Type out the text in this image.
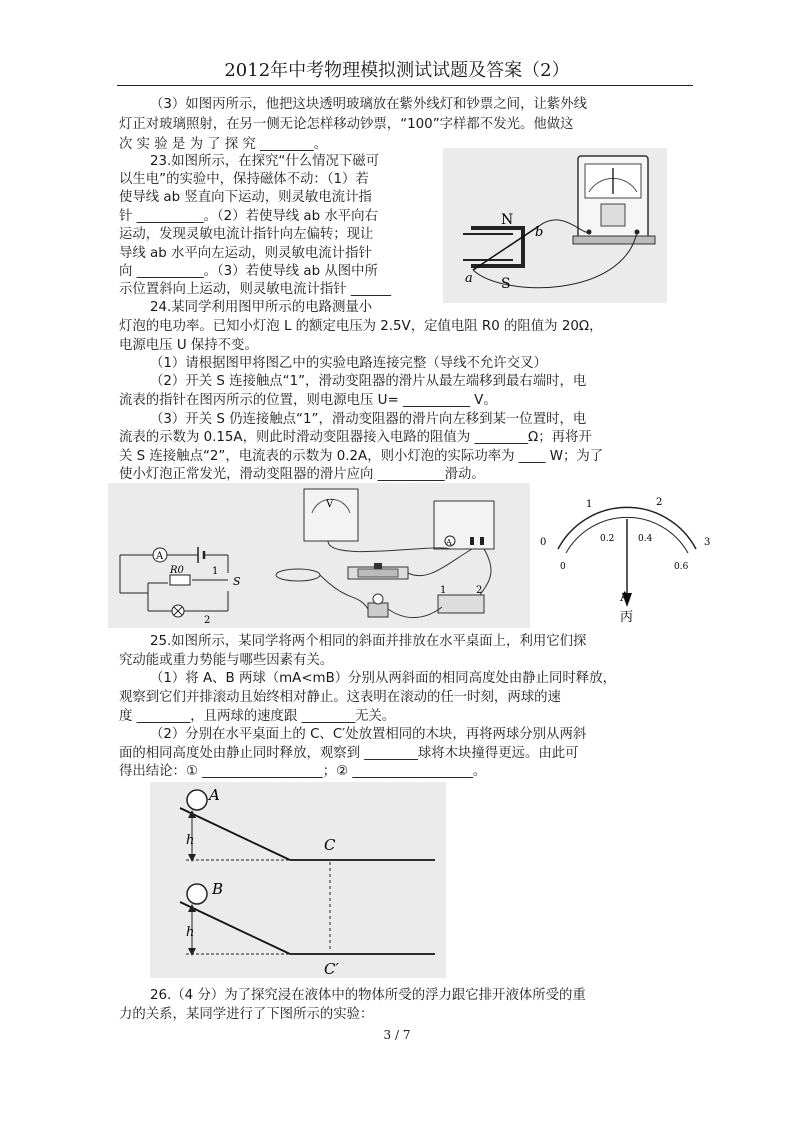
2012年中考物理模拟测试试题及答案（2）
（3）如图丙所示，他把这块透明玻璃放在紫外线灯和钞票之间，让紫外线
灯正对玻璃照射，在另一侧无论怎样移动钞票，“100”字样都不发光。他做这
次 实 验 是 为 了 探 究 ________。
23.如图所示，在探究“什么情况下磁可
以生电”的实验中，保持磁体不动：（1）若
使导线 ab 竖直向下运动，则灵敏电流计指
针 __________。（2）若使导线 ab 水平向右
运动，发现灵敏电流计指针向左偏转；现让
导线 ab 水平向左运动，则灵敏电流计指针
向 __________。（3）若使导线 ab 从图中所
示位置斜向上运动，则灵敏电流计指针 ______
24.某同学利用图甲所示的电路测量小
灯泡的电功率。已知小灯泡 L 的额定电压为 2.5V，定值电阻 R0 的阻值为 20Ω，
电源电压 U 保持不变。
（1）请根据图甲将图乙中的实验电路连接完整（导线不允许交叉）
（2）开关 S 连接触点“1”，滑动变阻器的滑片从最左端移到最右端时，电
流表的指针在图丙所示的位置，则电源电压 U= __________ V。
（3）开关 S 仍连接触点“1”，滑动变阻器的滑片向左移到某一位置时，电
流表的示数为 0.15A，则此时滑动变阻器接入电路的阻值为 ________Ω；再将开
关 S 连接触点“2”，电流表的示数为 0.2A，则小灯泡的实际功率为 ____ W；为了
使小灯泡正常发光，滑动变阻器的滑片应向 __________滑动。
25.如图所示，某同学将两个相同的斜面并排放在水平桌面上，利用它们探
究动能或重力势能与哪些因素有关。
（1）将 A、B 两球（mA<mB）分别从两斜面的相同高度处由静止同时释放，
观察到它们并排滚动且始终相对静止。这表明在滚动的任一时刻，两球的速
度 ________，且两球的速度跟 ________无关。
（2）分别在水平桌面上的 C、C′处放置相同的木块，再将两球分别从两斜
面的相同高度处由静止同时释放，观察到 ________球将木块撞得更远。由此可
得出结论：① __________________；② __________________。
26.（4 分）为了探究浸在液体中的物体所受的浮力跟它排开液体所受的重
力的关系，某同学进行了下图所示的实验：
N
S
a
b
A
R0	1
S
2
V
A
1	2
0
1	2
3
0
0.2	0.4
0.6
A
丙
A
h	C
B
h
C′
3 / 7
